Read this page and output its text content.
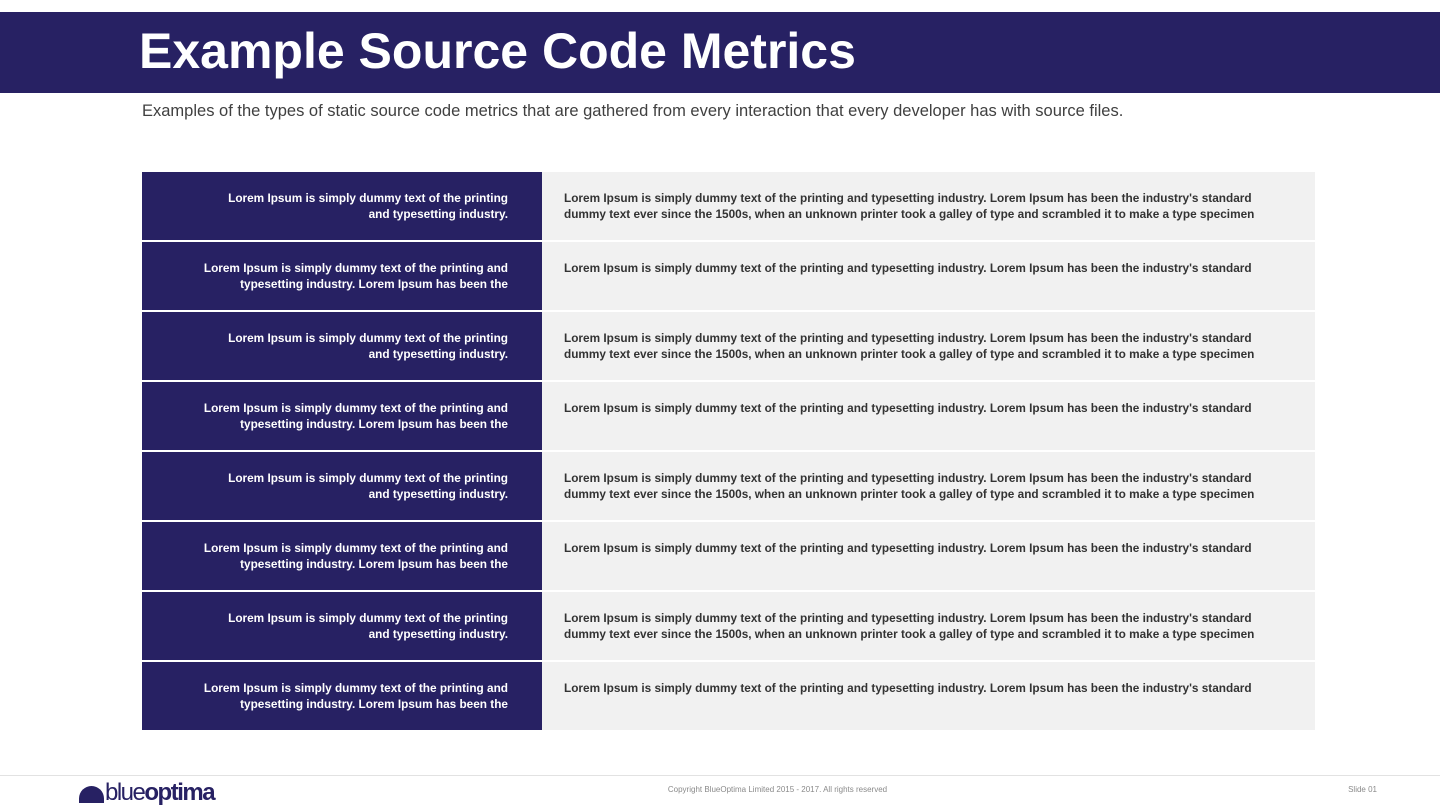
Example Source Code Metrics
Examples of the types of static source code metrics that are gathered from every interaction that every developer has with source files.
Lorem Ipsum is simply dummy text of the printing and typesetting industry.
Lorem Ipsum is simply dummy text of the printing and typesetting industry. Lorem Ipsum has been the industry's standard dummy text ever since the 1500s, when an unknown printer took a galley of type and scrambled it to make a type specimen
Lorem Ipsum is simply dummy text of the printing and typesetting industry. Lorem Ipsum has been the
Lorem Ipsum is simply dummy text of the printing and typesetting industry. Lorem Ipsum has been the industry's standard
Lorem Ipsum is simply dummy text of the printing and typesetting industry.
Lorem Ipsum is simply dummy text of the printing and typesetting industry. Lorem Ipsum has been the industry's standard dummy text ever since the 1500s, when an unknown printer took a galley of type and scrambled it to make a type specimen
Lorem Ipsum is simply dummy text of the printing and typesetting industry. Lorem Ipsum has been the
Lorem Ipsum is simply dummy text of the printing and typesetting industry. Lorem Ipsum has been the industry's standard
Lorem Ipsum is simply dummy text of the printing and typesetting industry.
Lorem Ipsum is simply dummy text of the printing and typesetting industry. Lorem Ipsum has been the industry's standard dummy text ever since the 1500s, when an unknown printer took a galley of type and scrambled it to make a type specimen
Lorem Ipsum is simply dummy text of the printing and typesetting industry. Lorem Ipsum has been the
Lorem Ipsum is simply dummy text of the printing and typesetting industry. Lorem Ipsum has been the industry's standard
Lorem Ipsum is simply dummy text of the printing and typesetting industry.
Lorem Ipsum is simply dummy text of the printing and typesetting industry. Lorem Ipsum has been the industry's standard dummy text ever since the 1500s, when an unknown printer took a galley of type and scrambled it to make a type specimen
Lorem Ipsum is simply dummy text of the printing and typesetting industry. Lorem Ipsum has been the
Lorem Ipsum is simply dummy text of the printing and typesetting industry. Lorem Ipsum has been the industry's standard
blueoptima	Copyright BlueOptima Limited 2015 - 2017. All rights reserved	Slide 01
